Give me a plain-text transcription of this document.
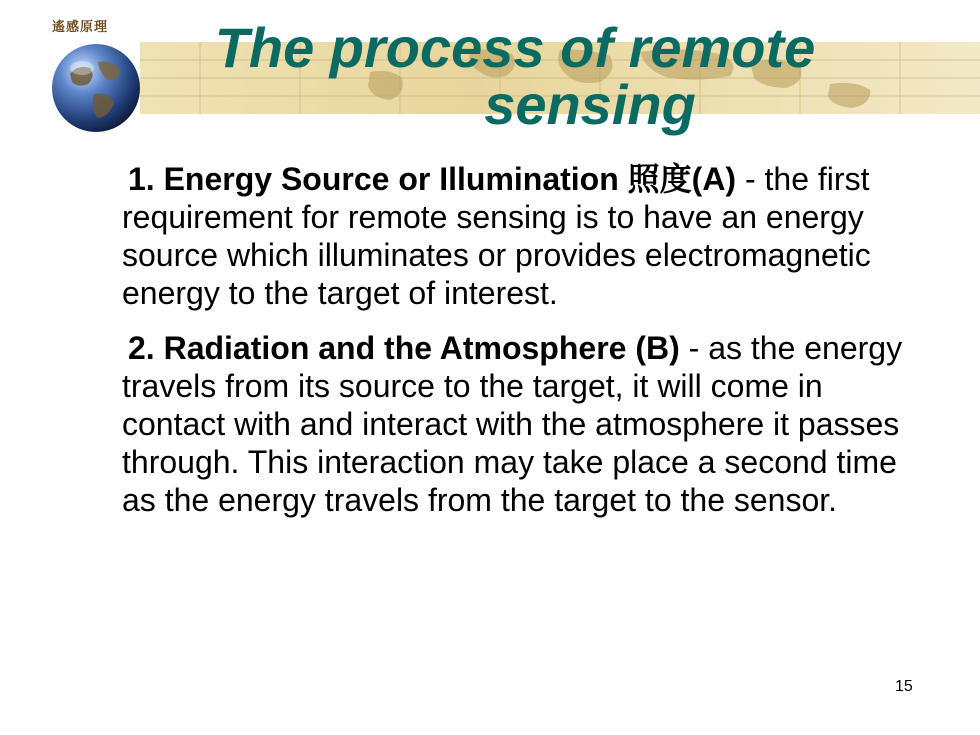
遙感原理	The process of remote
sensing

1. Energy Source or Illumination 照度(A) - the first requirement for remote sensing is to have an energy source which illuminates or provides electromagnetic energy to the target of interest.

2. Radiation and the Atmosphere (B) - as the energy travels from its source to the target, it will come in contact with and interact with the atmosphere it passes through. This interaction may take place a second time as the energy travels from the target to the sensor.

15
